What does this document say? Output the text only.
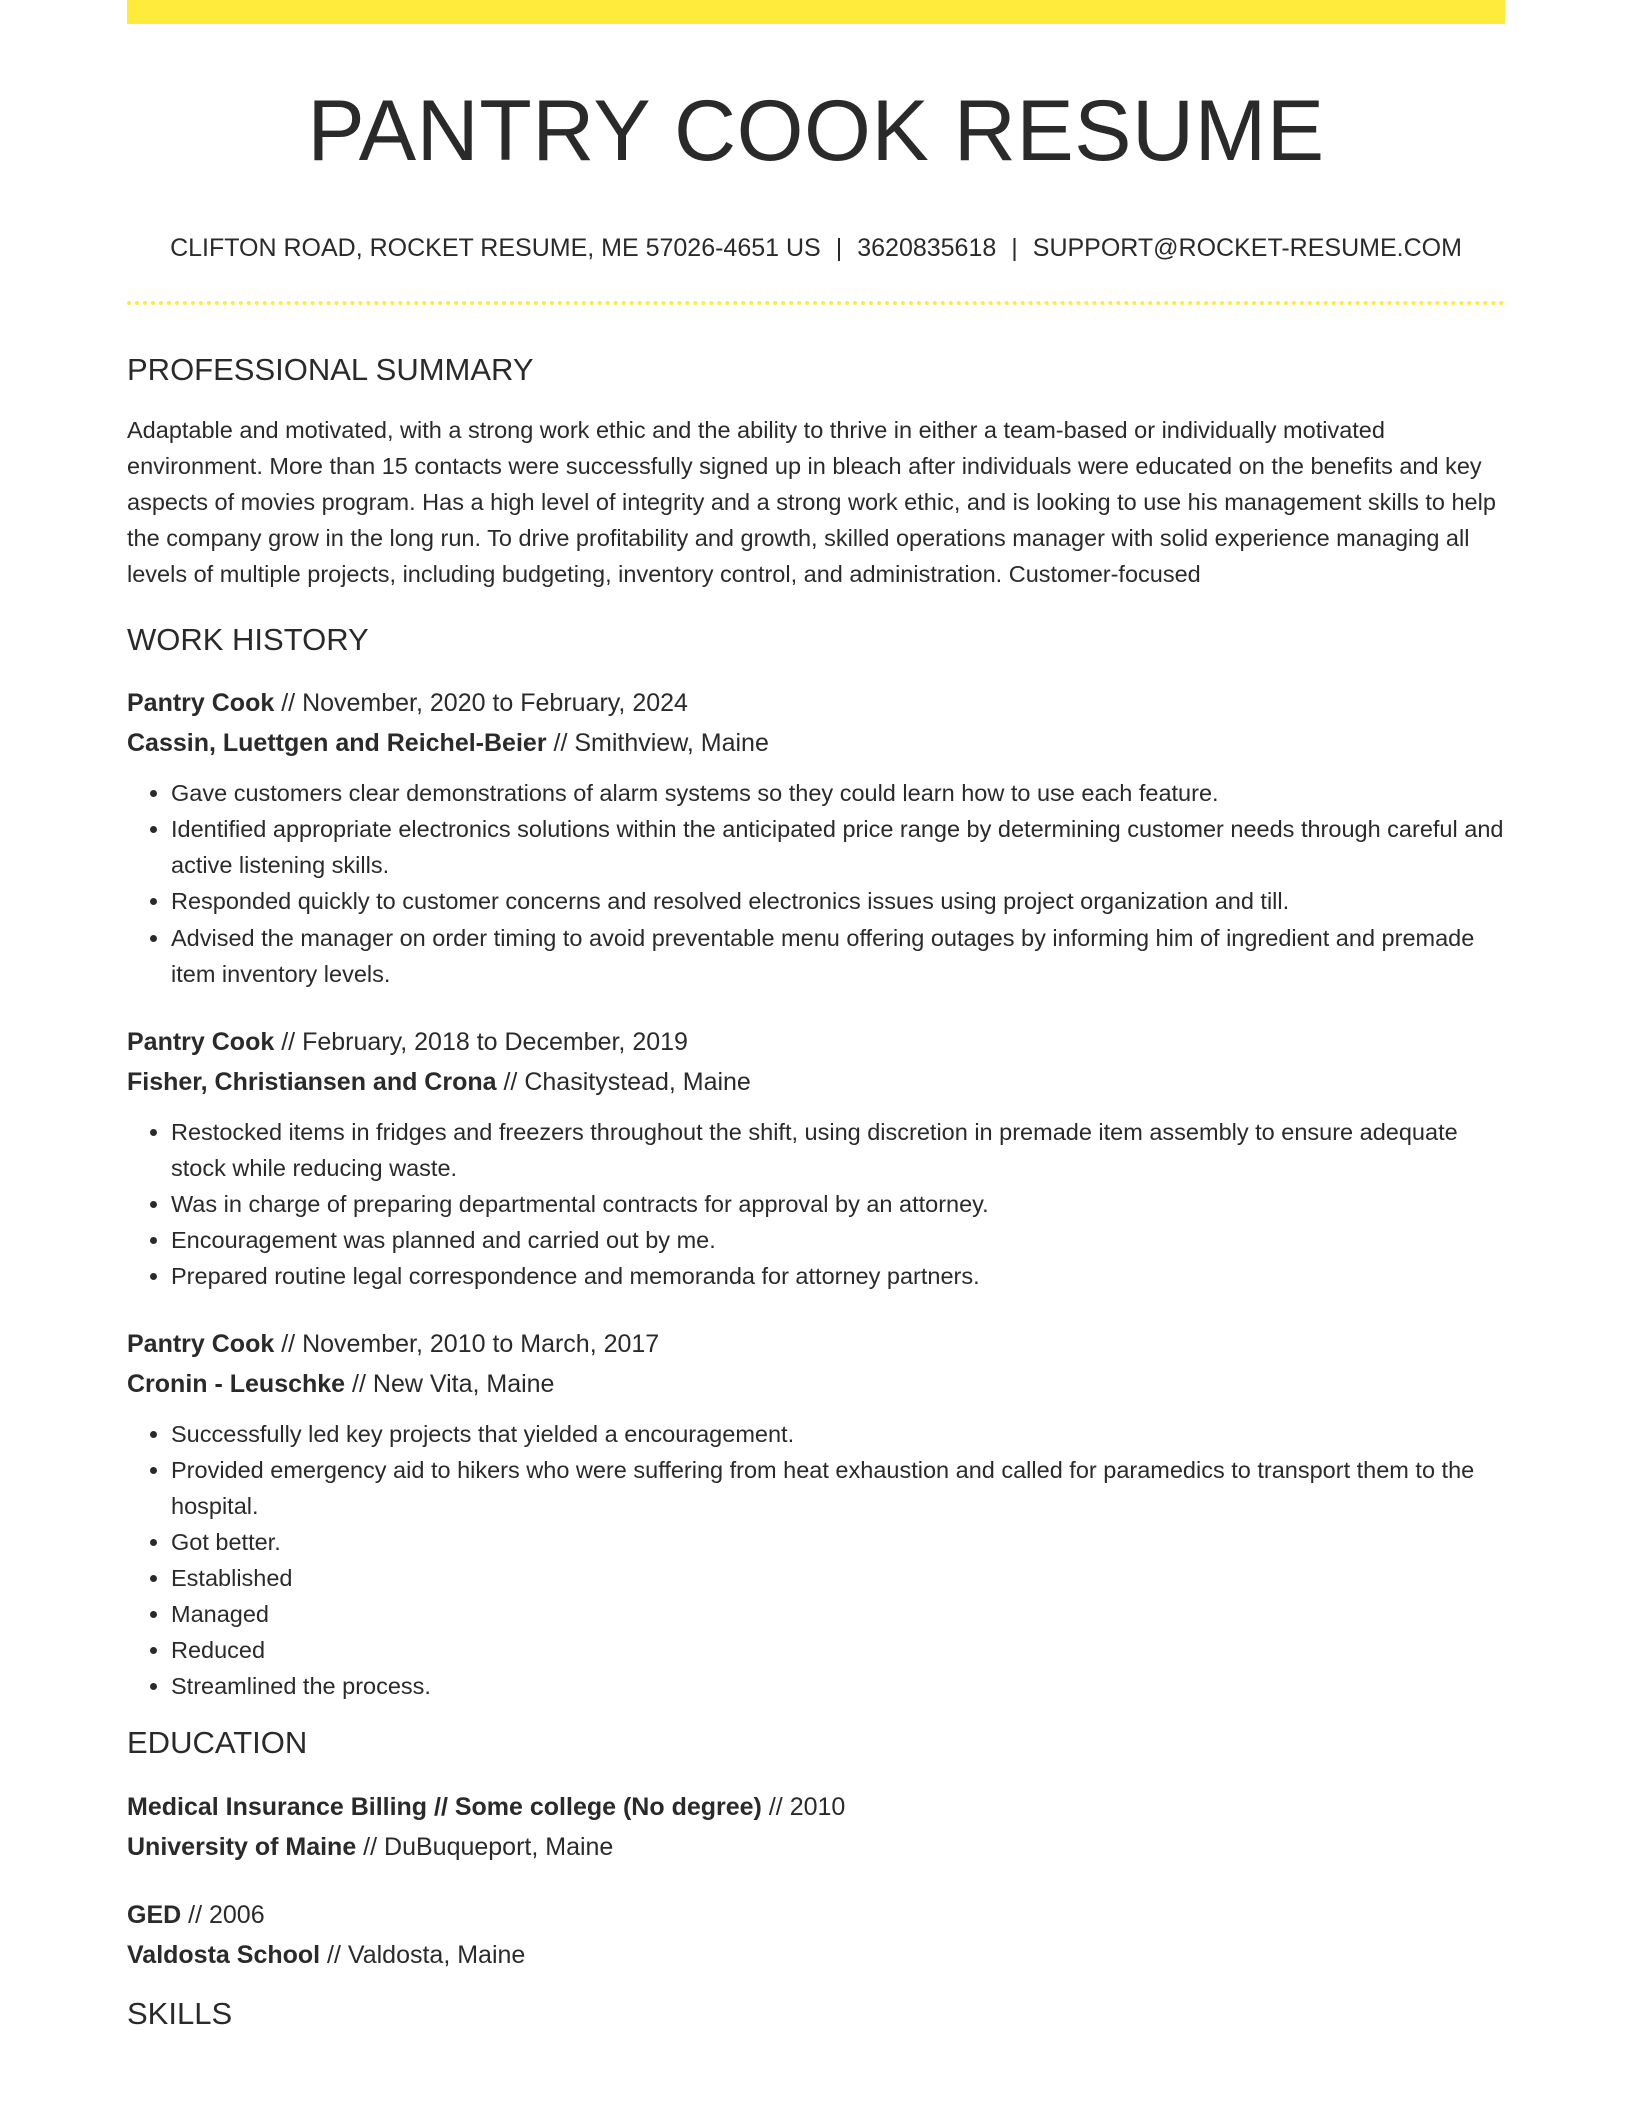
PANTRY COOK RESUME
CLIFTON ROAD, ROCKET RESUME, ME 57026-4651 US | 3620835618 | SUPPORT@ROCKET-RESUME.COM
PROFESSIONAL SUMMARY
Adaptable and motivated, with a strong work ethic and the ability to thrive in either a team-based or individually motivated environment. More than 15 contacts were successfully signed up in bleach after individuals were educated on the benefits and key aspects of movies program. Has a high level of integrity and a strong work ethic, and is looking to use his management skills to help the company grow in the long run. To drive profitability and growth, skilled operations manager with solid experience managing all levels of multiple projects, including budgeting, inventory control, and administration. Customer-focused
WORK HISTORY
Pantry Cook // November, 2020 to February, 2024
Cassin, Luettgen and Reichel-Beier // Smithview, Maine
• Gave customers clear demonstrations of alarm systems so they could learn how to use each feature.
• Identified appropriate electronics solutions within the anticipated price range by determining customer needs through careful and active listening skills.
• Responded quickly to customer concerns and resolved electronics issues using project organization and till.
• Advised the manager on order timing to avoid preventable menu offering outages by informing him of ingredient and premade item inventory levels.
Pantry Cook // February, 2018 to December, 2019
Fisher, Christiansen and Crona // Chasitystead, Maine
• Restocked items in fridges and freezers throughout the shift, using discretion in premade item assembly to ensure adequate stock while reducing waste.
• Was in charge of preparing departmental contracts for approval by an attorney.
• Encouragement was planned and carried out by me.
• Prepared routine legal correspondence and memoranda for attorney partners.
Pantry Cook // November, 2010 to March, 2017
Cronin - Leuschke // New Vita, Maine
• Successfully led key projects that yielded a encouragement.
• Provided emergency aid to hikers who were suffering from heat exhaustion and called for paramedics to transport them to the hospital.
• Got better.
• Established
• Managed
• Reduced
• Streamlined the process.
EDUCATION
Medical Insurance Billing // Some college (No degree) // 2010
University of Maine // DuBuqueport, Maine
GED // 2006
Valdosta School // Valdosta, Maine
SKILLS
